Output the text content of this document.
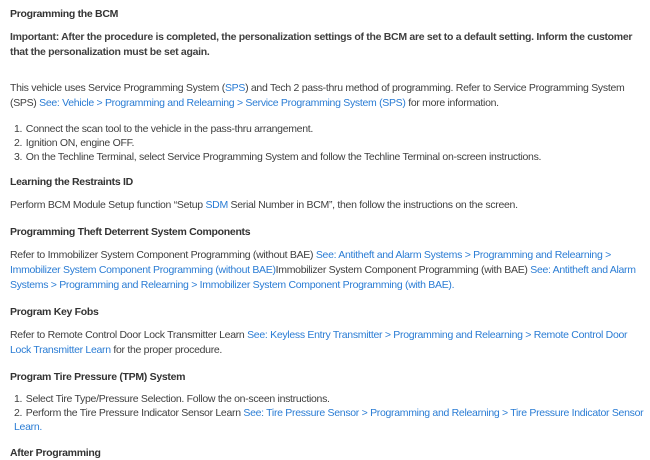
Programming the BCM
Important: After the procedure is completed, the personalization settings of the BCM are set to a default setting. Inform the customer that the personalization must be set again.
This vehicle uses Service Programming System (SPS) and Tech 2 pass-thru method of programming. Refer to Service Programming System (SPS) See: Vehicle > Programming and Relearning > Service Programming System (SPS) for more information.
1. Connect the scan tool to the vehicle in the pass-thru arrangement.
2. Ignition ON, engine OFF.
3. On the Techline Terminal, select Service Programming System and follow the Techline Terminal on-screen instructions.
Learning the Restraints ID
Perform BCM Module Setup function “Setup SDM Serial Number in BCM”, then follow the instructions on the screen.
Programming Theft Deterrent System Components
Refer to Immobilizer System Component Programming (without BAE) See: Antitheft and Alarm Systems > Programming and Relearning > Immobilizer System Component Programming (without BAE)Immobilizer System Component Programming (with BAE) See: Antitheft and Alarm Systems > Programming and Relearning > Immobilizer System Component Programming (with BAE).
Program Key Fobs
Refer to Remote Control Door Lock Transmitter Learn See: Keyless Entry Transmitter > Programming and Relearning > Remote Control Door Lock Transmitter Learn for the proper procedure.
Program Tire Pressure (TPM) System
1. Select Tire Type/Pressure Selection. Follow the on-sceen instructions.
2. Perform the Tire Pressure Indicator Sensor Learn See: Tire Pressure Sensor > Programming and Relearning > Tire Pressure Indicator Sensor Learn.
After Programming
